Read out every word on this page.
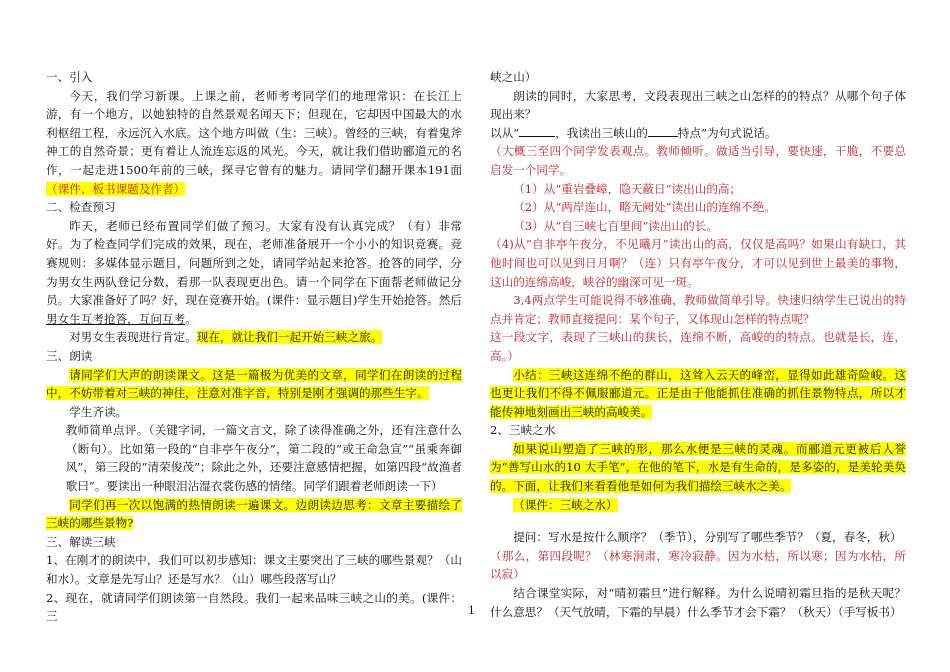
一、引入

今天，我们学习新课。上课之前，老师考考同学们的地理常识：在长江上游，有一个地方，以她独特的自然景观名闻天下；但现在，它却因中国最大的水利枢纽工程，永远沉入水底。这个地方叫做（生：三峡）。曾经的三峡，有着鬼斧神工的自然奇景；更有着让人流连忘返的风光。今天，就让我们借助郦道元的名作，一起走进1500年前的三峡，探寻它曾有的魅力。请同学们翻开课本191面（课件、板书课题及作者）

二、检查预习

昨天，老师已经布置同学们做了预习。大家有没有认真完成？（有）非常好。为了检查同学们完成的效果，现在，老师准备展开一个小小的知识竞赛。竞赛规则：多媒体显示题目，问题所到之处，请同学站起来抢答。抢答的同学，分为男女生两队登记分数，看那一队表现更出色。请一个同学在下面帮老师做记分员。大家准备好了吗？好，现在竞赛开始。(课件：显示题目)学生开始抢答。然后男女生互考抢答，互问互考。

对男女生表现进行肯定。现在，就让我们一起开始三峡之旅。

三、朗读

请同学们大声的朗读课文。这是一篇极为优美的文章，同学们在朗读的过程中，不妨带着对三峡的神往，注意对准字音，特别是刚才强调的那些生字。

学生齐读。

教师简单点评。（关键字词，一篇文言文，除了读得准确之外，还有注意什么（断句）。比如第一段的“自非亭午夜分”，第二段的“或王命急宣”“虽乘奔御风”，第三段的“清荣俊茂”；除此之外，还要注意感情把握，如第四段“故渔者歌曰”。要读出一种眼泪沾湿衣裳伤感的情绪。同学们跟着老师朗读一下）

同学们再一次以饱满的热情朗读一遍课文。边朗读边思考：文章主要描绘了三峡的哪些景物?

三、解读三峡

1、在刚才的朗读中，我们可以初步感知：课文主要突出了三峡的哪些景观？（山和水）。文章是先写山？还是写水？（山）哪些段落写山？

2、现在，就请同学们朗读第一自然段。我们一起来品味三峡之山的美。(课件：三

峡之山）

朗读的同时，大家思考，文段表现出三峡之山怎样的的特点？从哪个句子体现出来？

以从“	，我读出三峡山的	特点”为句式说话。

（大概三至四个同学发表观点。教师倾听。做适当引导，要快速，干脆，不要总启发一个同学。

（1）从“重岩叠嶂，隐天蔽日”读出山的高；

（2）从“两岸连山，略无阙处”读出山的连绵不绝。

（3）从“自三峡七百里间”读出山的长。

（4)从“自非亭午夜分，不见曦月”读出山的高，仅仅是高吗？如果山有缺口，其他时间也可以见到日月啊？（连）只有亭午夜分，才可以见到世上最美的事物，这山的连绵高峻，峡谷的幽深可见一斑。

3,4两点学生可能说得不够准确，教师做简单引导。快速归纳学生已说出的特点并肯定；教师直接提问：某个句子，又体现山怎样的特点呢？

这一段文字，表现了三峡山的狭长，连绵不断，高峻的的特点。也就是长，连，高。）

小结：三峡这连绵不绝的群山，这耸入云天的峰峦，显得如此雄奇险峻。这也更让我们不得不佩服郦道元。正是由于他能抓住准确的抓住景物特点，所以才能传神地刻画出三峡的高峻美。

2、三峡之水

如果说山塑造了三峡的形，那么水便是三峡的灵魂。而郦道元更被后人誉为“善写山水的10 大手笔”，在他的笔下，水是有生命的，是多姿的，是美轮美奂的。下面，让我们来看看他是如何为我们描绘三峡水之美。

（课件：三峡之水）

提问：写水是按什么顺序？（季节），分别写了哪些季节？（夏，春冬，秋）

（那么，第四段呢？（林寒涧肃，寒冷寂静。因为水枯，所以寒；因为水枯，所以寂）

结合课堂实际，对“晴初霜旦”进行解释。为什么说晴初霜旦指的是秋天呢？什么意思？（天气放晴，下霜的早晨）什么季节才会下霜？（秋天）（手写板书）

1
